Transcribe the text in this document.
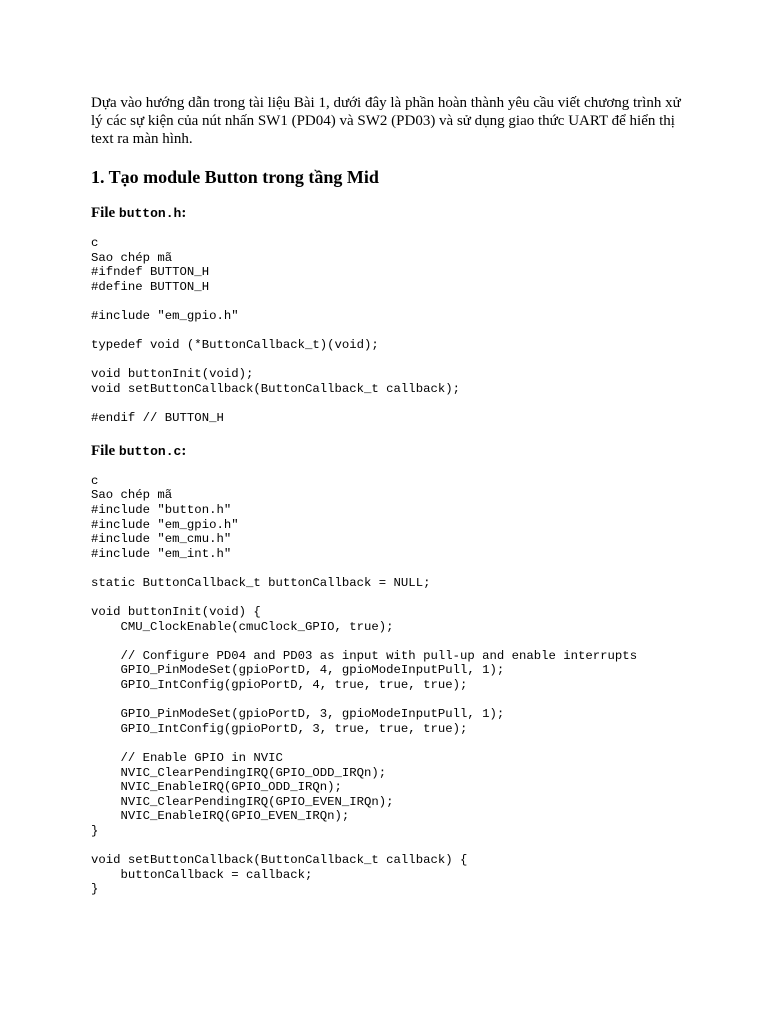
Dựa vào hướng dẫn trong tài liệu Bài 1, dưới đây là phần hoàn thành yêu cầu viết chương trình xử lý các sự kiện của nút nhấn SW1 (PD04) và SW2 (PD03) và sử dụng giao thức UART để hiển thị text ra màn hình.

1. Tạo module Button trong tầng Mid
File button.h:
c
Sao chép mã
#ifndef BUTTON_H
#define BUTTON_H

#include "em_gpio.h"

typedef void (*ButtonCallback_t)(void);

void buttonInit(void);
void setButtonCallback(ButtonCallback_t callback);

#endif // BUTTON_H
File button.c:
c
Sao chép mã
#include "button.h"
#include "em_gpio.h"
#include "em_cmu.h"
#include "em_int.h"

static ButtonCallback_t buttonCallback = NULL;

void buttonInit(void) {
CMU_ClockEnable(cmuClock_GPIO, true);

// Configure PD04 and PD03 as input with pull-up and enable interrupts
GPIO_PinModeSet(gpioPortD, 4, gpioModeInputPull, 1);
GPIO_IntConfig(gpioPortD, 4, true, true, true);

GPIO_PinModeSet(gpioPortD, 3, gpioModeInputPull, 1);
GPIO_IntConfig(gpioPortD, 3, true, true, true);

// Enable GPIO in NVIC
NVIC_ClearPendingIRQ(GPIO_ODD_IRQn);
NVIC_EnableIRQ(GPIO_ODD_IRQn);
NVIC_ClearPendingIRQ(GPIO_EVEN_IRQn);
NVIC_EnableIRQ(GPIO_EVEN_IRQn);
}

void setButtonCallback(ButtonCallback_t callback) {
buttonCallback = callback;
}
